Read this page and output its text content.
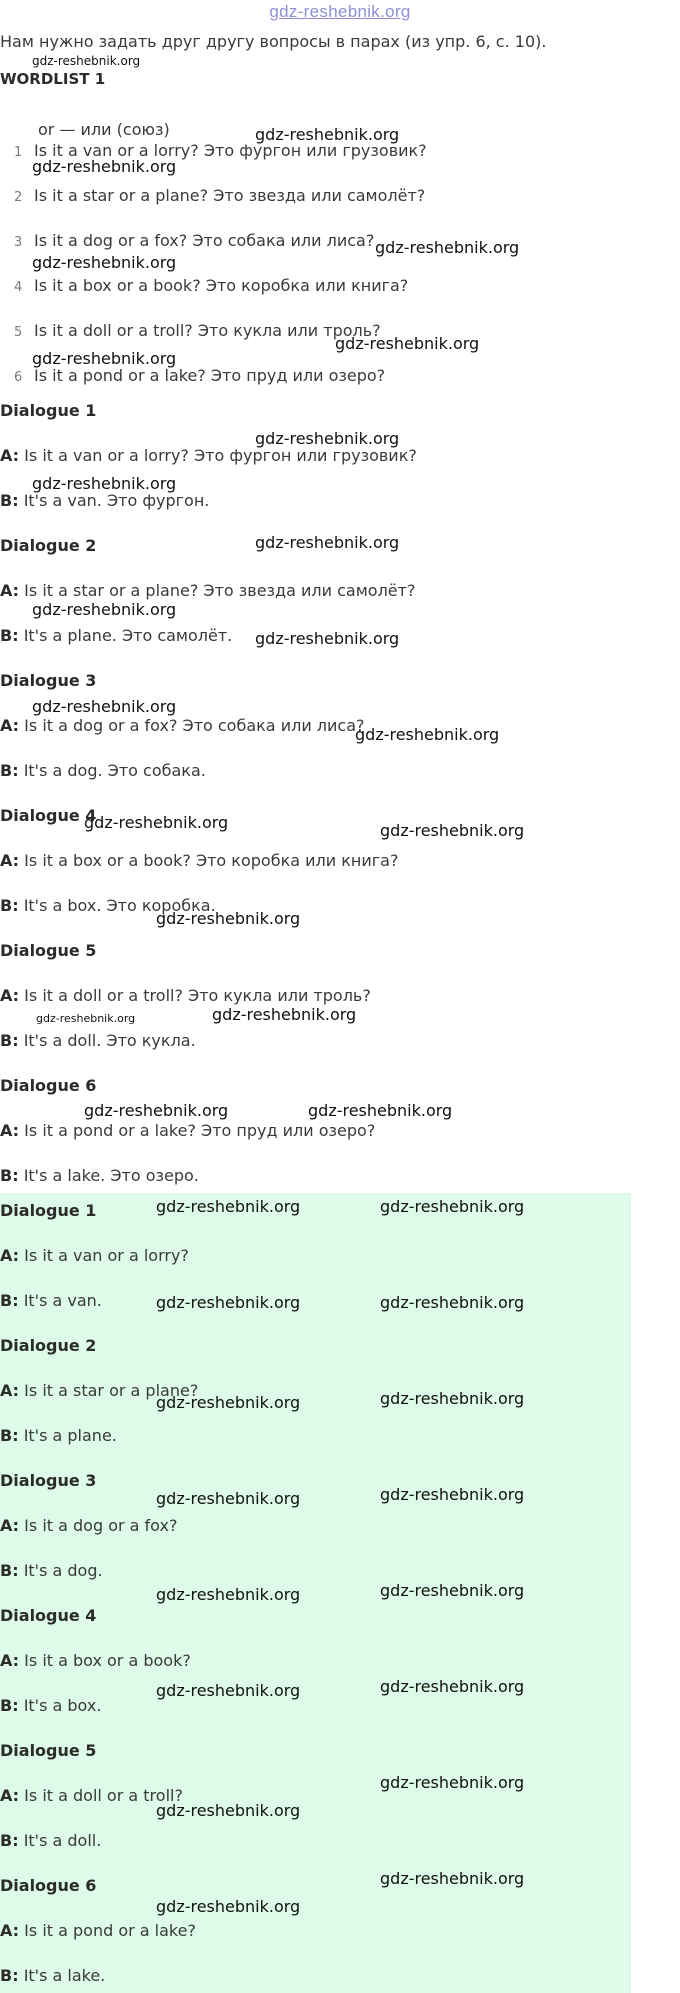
gdz-reshebnik.org
Нам нужно задать друг другу вопросы в парах (из упр. 6, с. 10).
WORDLIST 1
or — или (союз)
1 Is it a van or a lorry? Это фургон или грузовик?
2 Is it a star or a plane? Это звезда или самолёт?
3 Is it a dog or a fox? Это собака или лиса?
4 Is it a box or a book? Это коробка или книга?
5 Is it a doll or a troll? Это кукла или троль?
6 Is it a pond or a lake? Это пруд или озеро?
Dialogue 1
A: Is it a van or a lorry? Это фургон или грузовик?
B: It's a van. Это фургон.
Dialogue 2
A: Is it a star or a plane? Это звезда или самолёт?
B: It's a plane. Это самолёт.
Dialogue 3
A: Is it a dog or a fox? Это собака или лиса?
B: It's a dog. Это собака.
Dialogue 4
A: Is it a box or a book? Это коробка или книга?
B: It's a box. Это коробка.
Dialogue 5
A: Is it a doll or a troll? Это кукла или троль?
B: It's a doll. Это кукла.
Dialogue 6
A: Is it a pond or a lake? Это пруд или озеро?
B: It's a lake. Это озеро.
Dialogue 1
A: Is it a van or a lorry?
B: It's a van.
Dialogue 2
A: Is it a star or a plane?
B: It's a plane.
Dialogue 3
A: Is it a dog or a fox?
B: It's a dog.
Dialogue 4
A: Is it a box or a book?
B: It's a box.
Dialogue 5
A: Is it a doll or a troll?
B: It's a doll.
Dialogue 6
A: Is it a pond or a lake?
B: It's a lake.
gdz-reshebnik.org
gdz-reshebnik.org
gdz-reshebnik.org
gdz-reshebnik.org
gdz-reshebnik.org
gdz-reshebnik.org
gdz-reshebnik.org
gdz-reshebnik.org
gdz-reshebnik.org
gdz-reshebnik.org
gdz-reshebnik.org
gdz-reshebnik.org
gdz-reshebnik.org
gdz-reshebnik.org
gdz-reshebnik.org	gdz-reshebnik.org
gdz-reshebnik.org
gdz-reshebnik.org	gdz-reshebnik.org
gdz-reshebnik.org	gdz-reshebnik.org
gdz-reshebnik.org	gdz-reshebnik.org
gdz-reshebnik.org	gdz-reshebnik.org
gdz-reshebnik.org	gdz-reshebnik.org
gdz-reshebnik.org	gdz-reshebnik.org
gdz-reshebnik.org	gdz-reshebnik.org
gdz-reshebnik.org	gdz-reshebnik.org
gdz-reshebnik.org
gdz-reshebnik.org
gdz-reshebnik.org
gdz-reshebnik.org
